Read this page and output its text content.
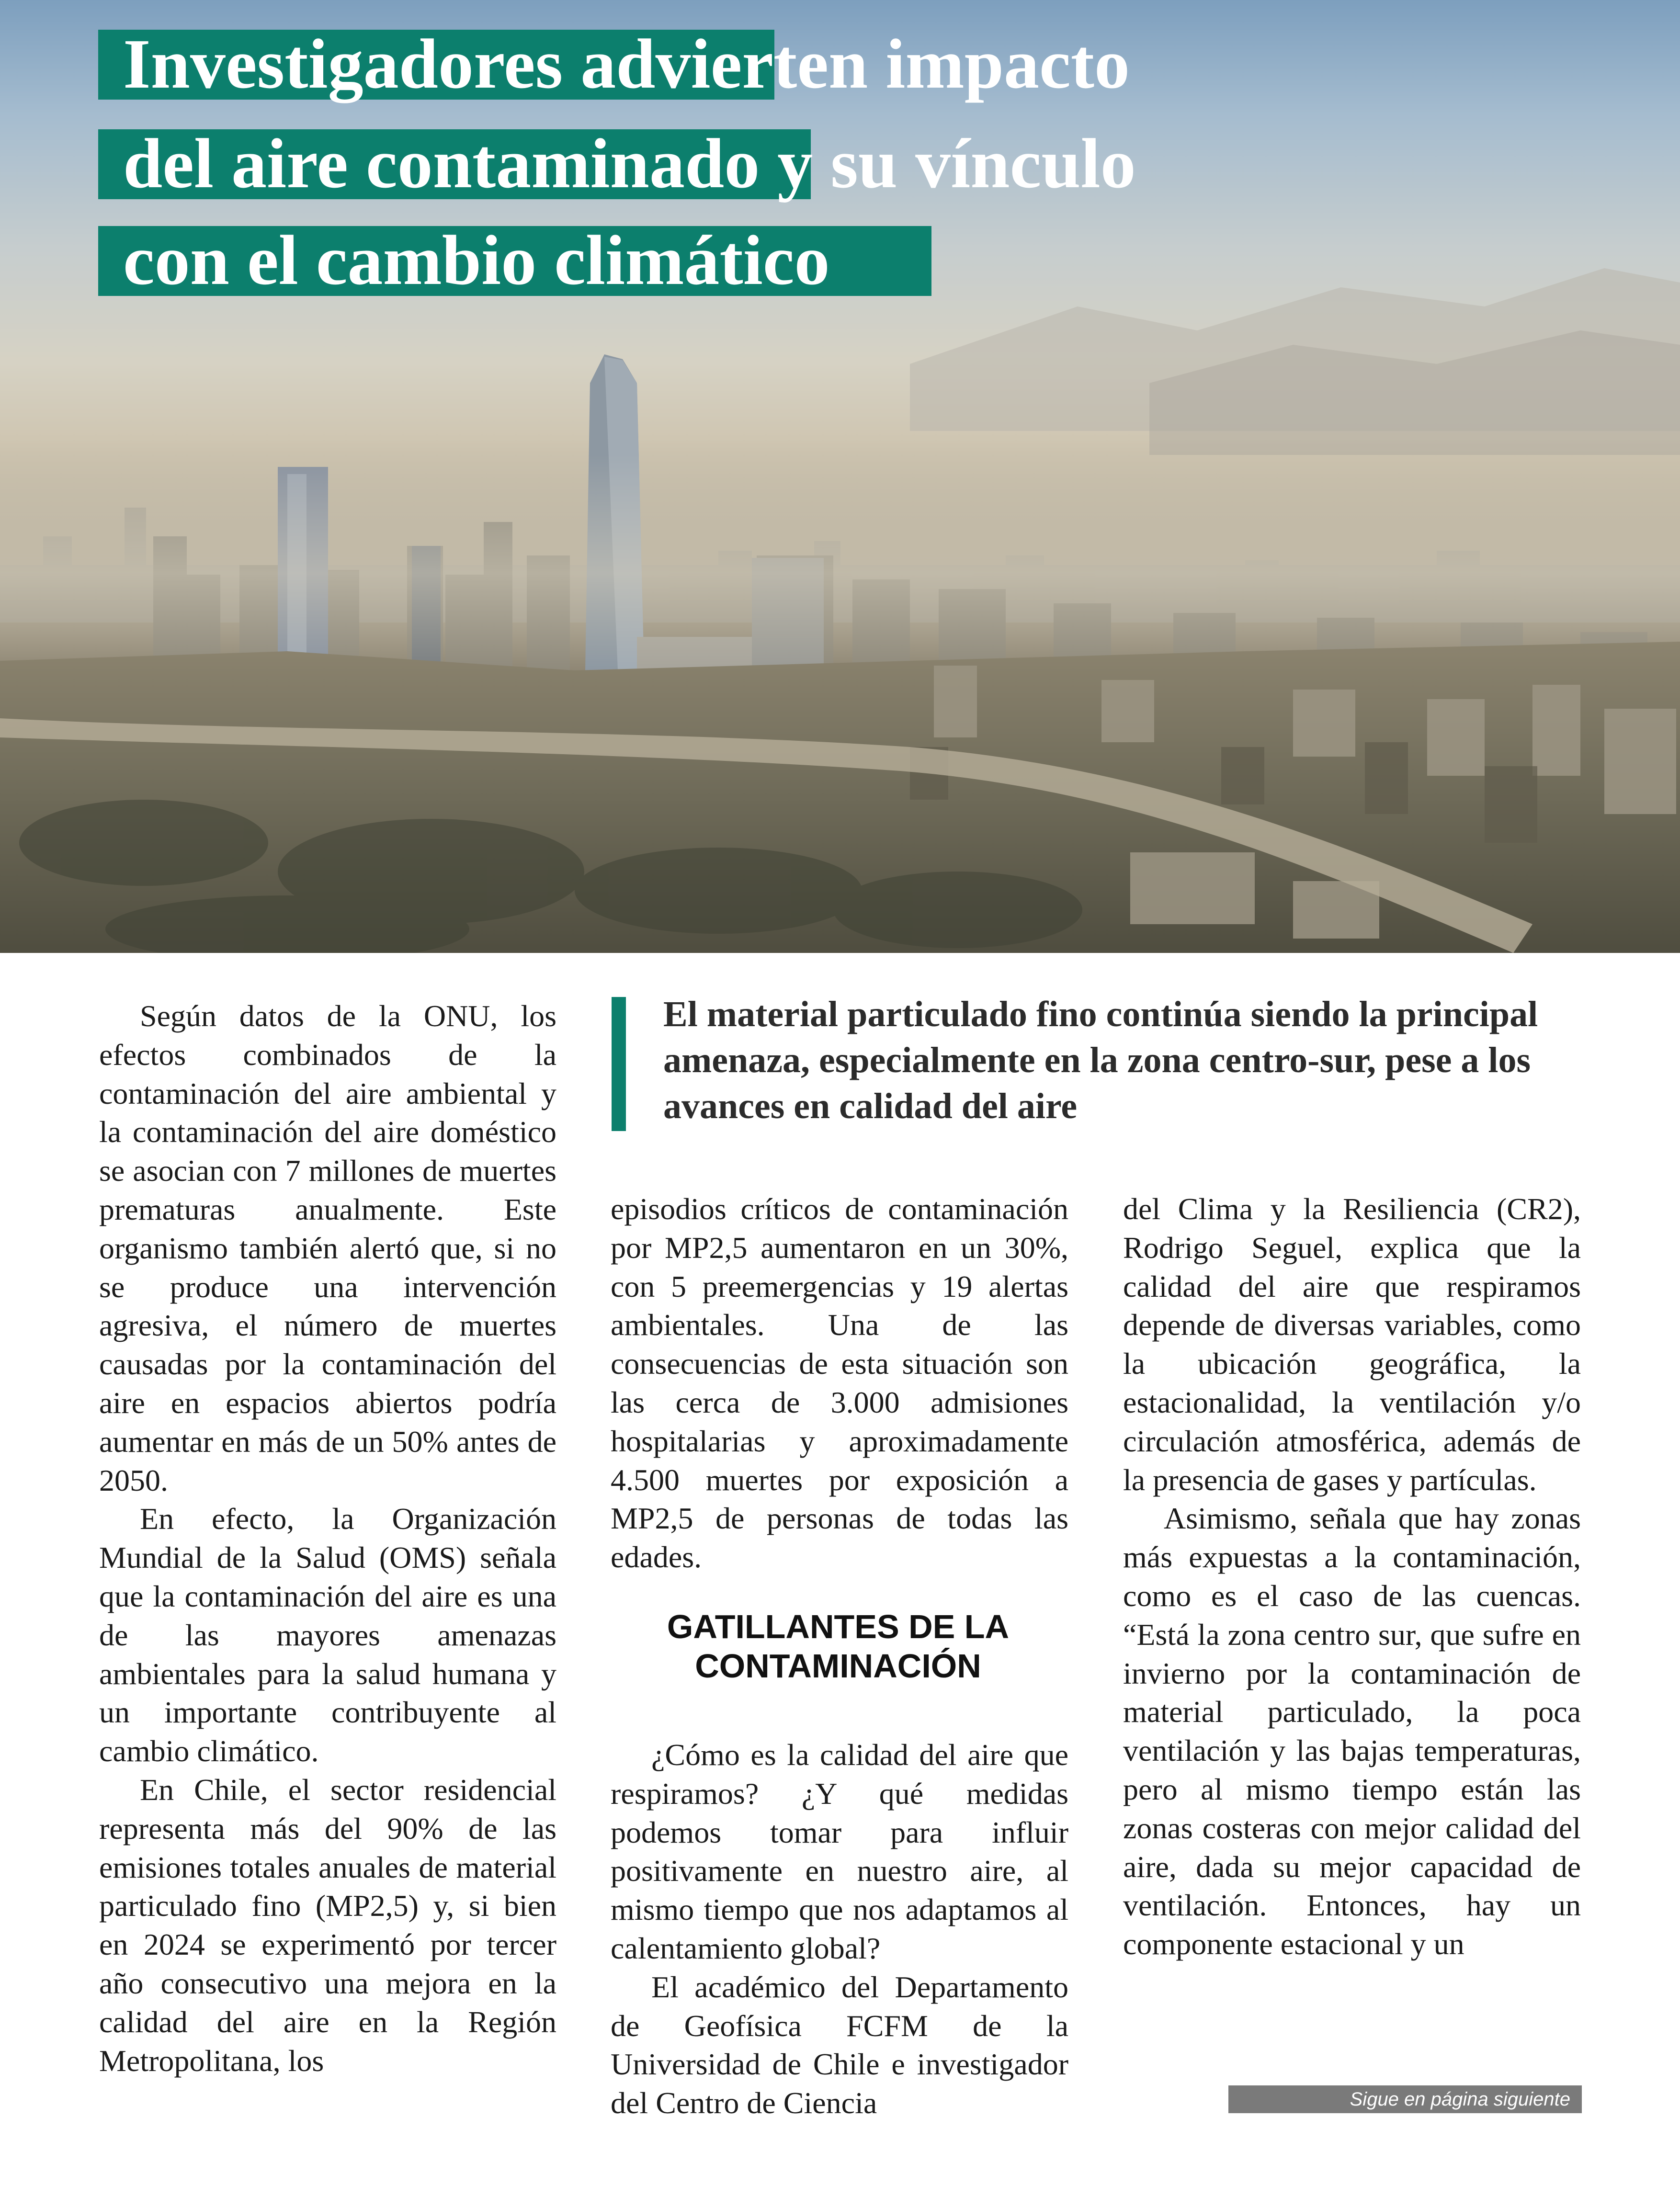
Investigadores advierten impacto
del aire contaminado y su vínculo
con el cambio climático
El material particulado fino continúa siendo la principal amenaza, especialmente en la zona centro-sur, pese a los avances en calidad del aire

Según datos de la ONU, los efectos combinados de la contaminación del aire ambiental y la contaminación del aire doméstico se asocian con 7 millones de muertes prematuras anualmente. Este organismo también alertó que, si no se produce una intervención agresiva, el número de muertes causadas por la contaminación del aire en espacios abiertos podría aumentar en más de un 50% antes de 2050.

En efecto, la Organización Mundial de la Salud (OMS) señala que la contaminación del aire es una de las mayores amenazas ambientales para la salud humana y un importante contribuyente al cambio climático.

En Chile, el sector residencial representa más del 90% de las emisiones totales anuales de material particulado fino (MP2,5) y, si bien en 2024 se experimentó por tercer año consecutivo una mejora en la calidad del aire en la Región Metropolitana, los

episodios críticos de contaminación por MP2,5 aumentaron en un 30%, con 5 preemergencias y 19 alertas ambientales. Una de las consecuencias de esta situación son las cerca de 3.000 admisiones hospitalarias y aproximadamente 4.500 muertes por exposición a MP2,5 de personas de todas las edades.

GATILLANTES DE LA
CONTAMINACIÓN

¿Cómo es la calidad del aire que respiramos? ¿Y qué medidas podemos tomar para influir positivamente en nuestro aire, al mismo tiempo que nos adaptamos al calentamiento global?

El académico del Departamento de Geofísica FCFM de la Universidad de Chile e investigador del Centro de Ciencia

del Clima y la Resiliencia (CR2), Rodrigo Seguel, explica que la calidad del aire que respiramos depende de diversas variables, como la ubicación geográfica, la estacionalidad, la ventilación y/o circulación atmosférica, además de la presencia de gases y partículas.

Asimismo, señala que hay zonas más expuestas a la contaminación, como es el caso de las cuencas. “Está la zona centro sur, que sufre en invierno por la contaminación de material particulado, la poca ventilación y las bajas temperaturas, pero al mismo tiempo están las zonas costeras con mejor calidad del aire, dada su mejor capacidad de ventilación. Entonces, hay un componente estacional y un

Sigue en página siguiente
